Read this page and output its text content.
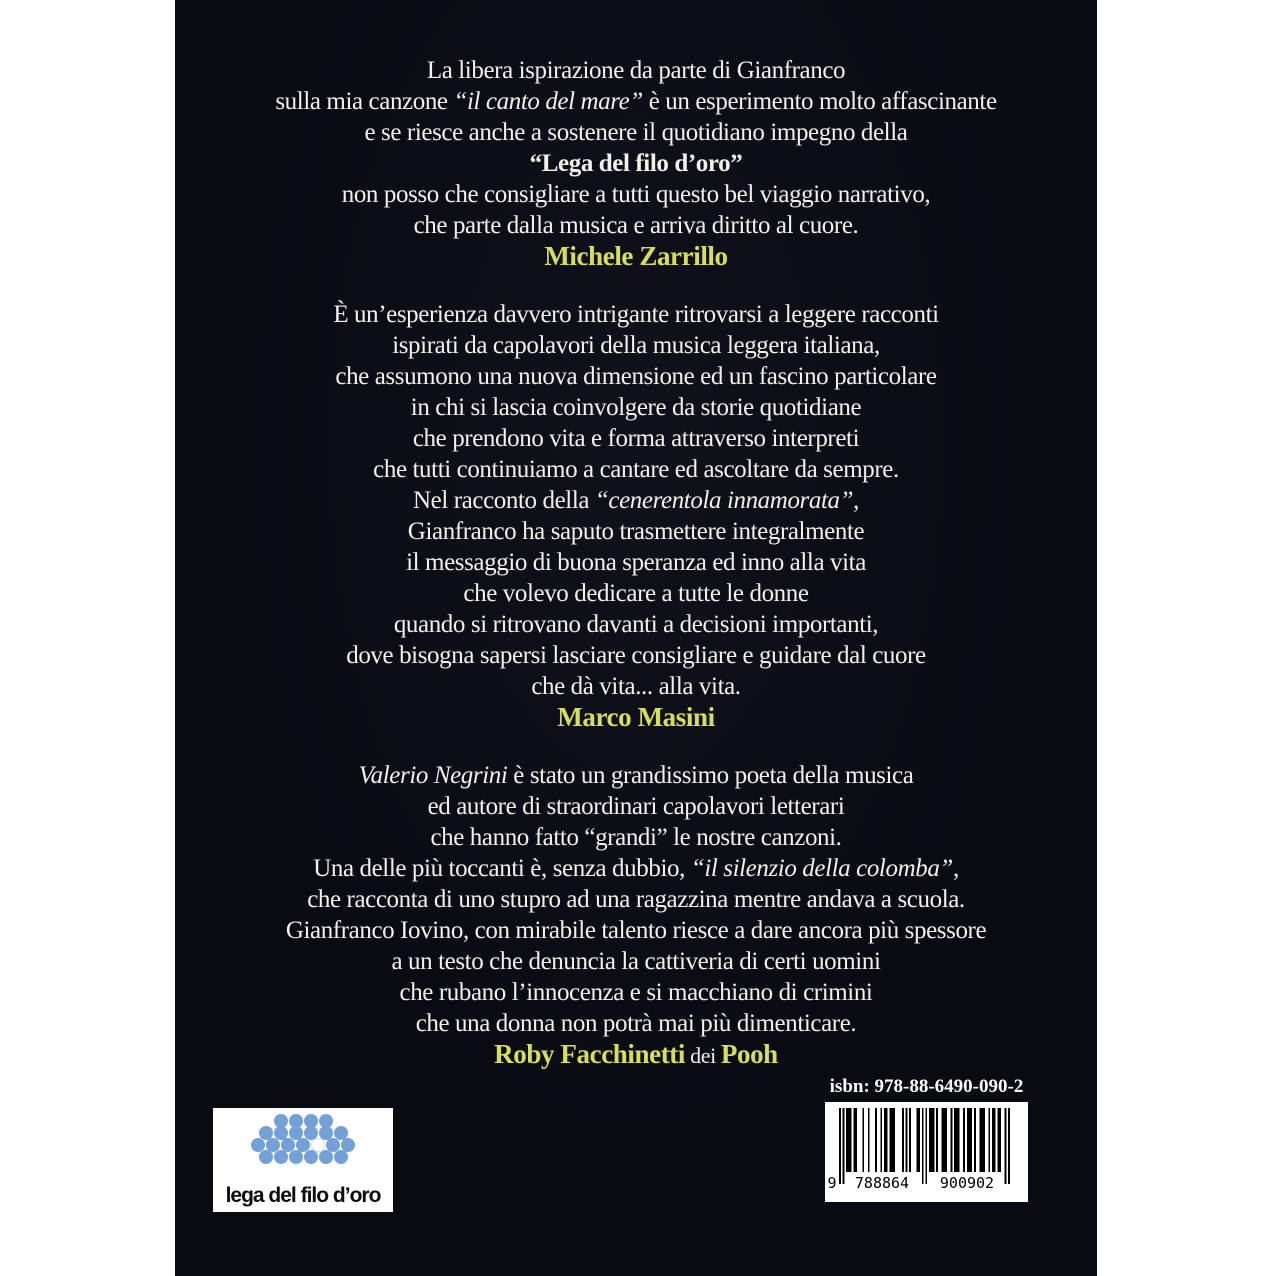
La libera ispirazione da parte di Gianfranco
sulla mia canzone “il canto del mare” è un esperimento molto affascinante
e se riesce anche a sostenere il quotidiano impegno della
“Lega del filo d’oro”
non posso che consigliare a tutti questo bel viaggio narrativo,
che parte dalla musica e arriva diritto al cuore.
Michele Zarrillo
È un’esperienza davvero intrigante ritrovarsi a leggere racconti
ispirati da capolavori della musica leggera italiana,
che assumono una nuova dimensione ed un fascino particolare
in chi si lascia coinvolgere da storie quotidiane
che prendono vita e forma attraverso interpreti
che tutti continuiamo a cantare ed ascoltare da sempre.
Nel racconto della “cenerentola innamorata”,
Gianfranco ha saputo trasmettere integralmente
il messaggio di buona speranza ed inno alla vita
che volevo dedicare a tutte le donne
quando si ritrovano davanti a decisioni importanti,
dove bisogna sapersi lasciare consigliare e guidare dal cuore
che dà vita... alla vita.
Marco Masini
Valerio Negrini è stato un grandissimo poeta della musica
ed autore di straordinari capolavori letterari
che hanno fatto “grandi” le nostre canzoni.
Una delle più toccanti è, senza dubbio, “il silenzio della colomba”,
che racconta di uno stupro ad una ragazzina mentre andava a scuola.
Gianfranco Iovino, con mirabile talento riesce a dare ancora più spessore
a un testo che denuncia la cattiveria di certi uomini
che rubano l’innocenza e si macchiano di crimini
che una donna non potrà mai più dimenticare.
Roby Facchinetti dei Pooh
lega del filo d’oro
isbn: 978-88-6490-090-2
9	788864	900902
